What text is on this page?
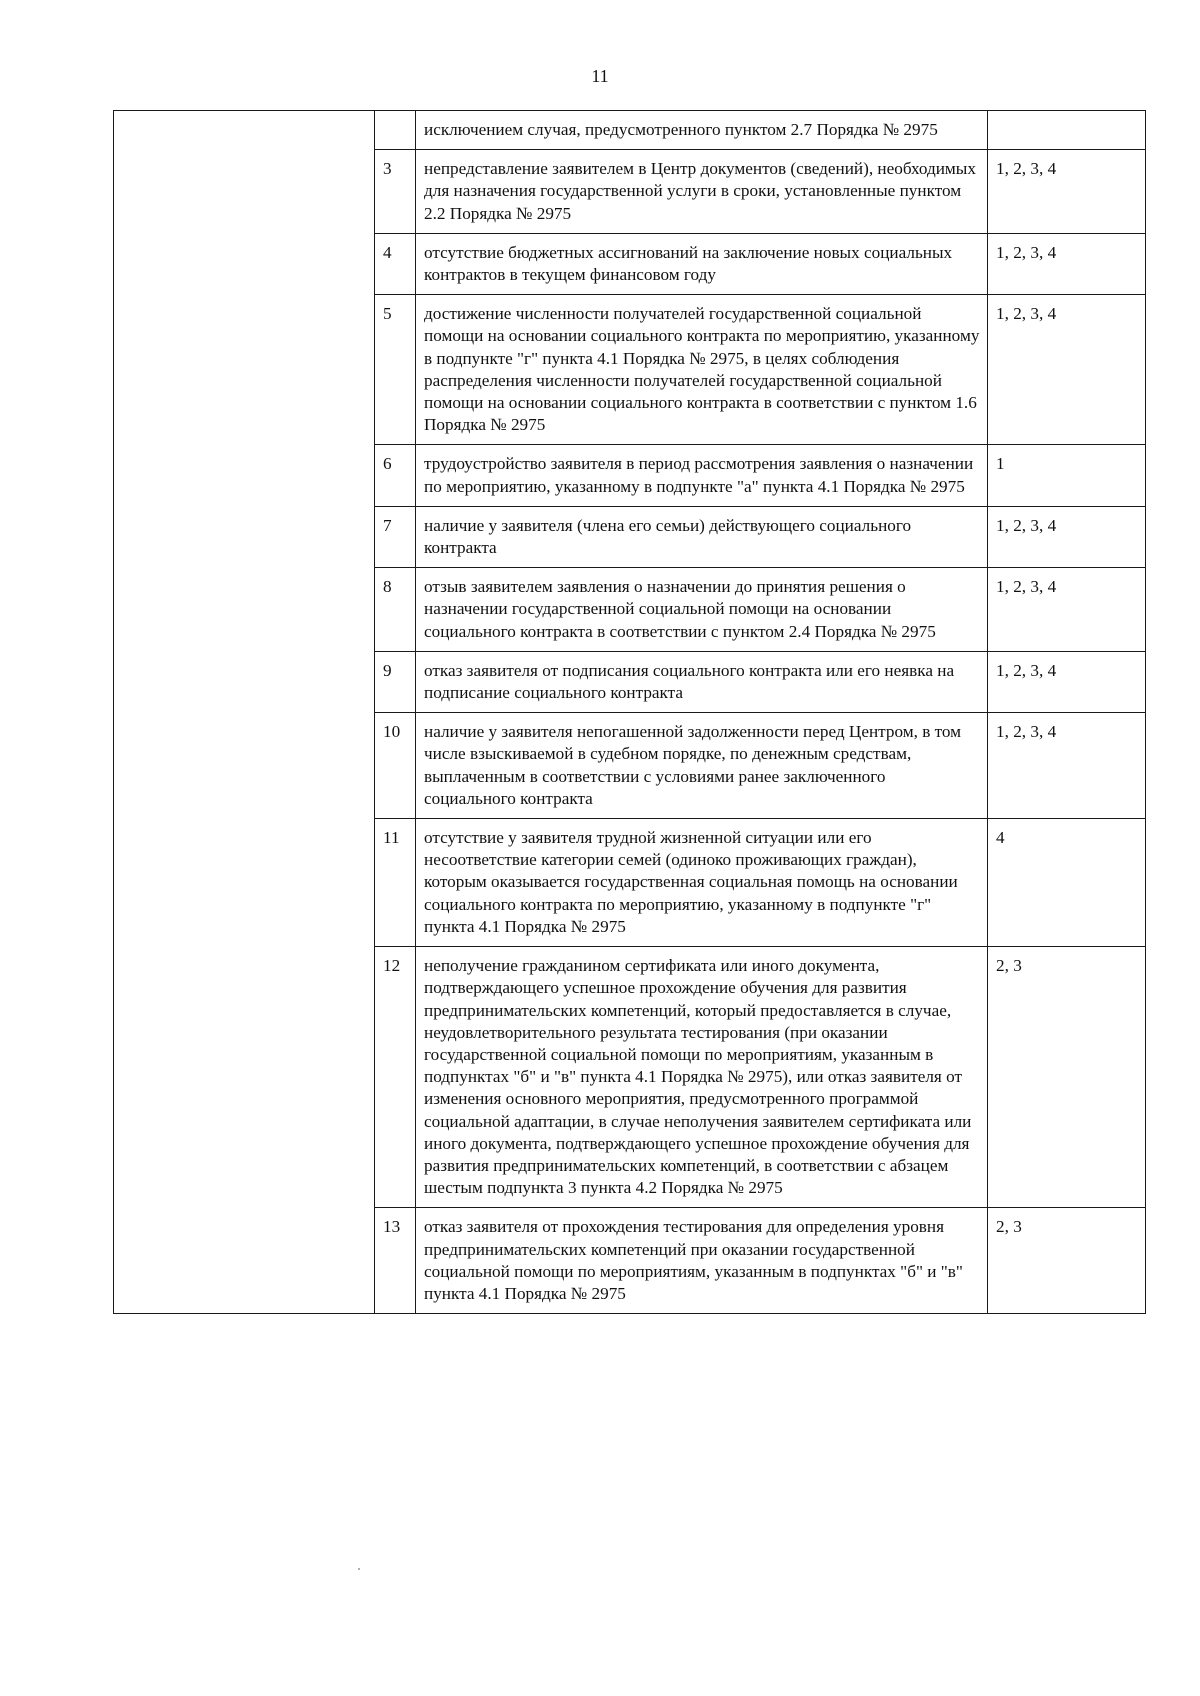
11
		исключением случая, предусмотренного пунктом 2.7 Порядка № 2975	
	3	непредставление заявителем в Центр документов (сведений), необходимых для назначения государственной услуги в сроки, установленные пунктом 2.2 Порядка № 2975	1, 2, 3, 4
	4	отсутствие бюджетных ассигнований на заключение новых социальных контрактов в текущем финансовом году	1, 2, 3, 4
	5	достижение численности получателей государственной социальной помощи на основании социального контракта по мероприятию, указанному в подпункте "г" пункта 4.1 Порядка № 2975, в целях соблюдения распределения численности получателей государственной социальной помощи на основании социального контракта в соответствии с пунктом 1.6 Порядка № 2975	1, 2, 3, 4
	6	трудоустройство заявителя в период рассмотрения заявления о назначении по мероприятию, указанному в подпункте "а" пункта 4.1 Порядка № 2975	1
	7	наличие у заявителя (члена его семьи) действующего социального контракта	1, 2, 3, 4
	8	отзыв заявителем заявления о назначении до принятия решения о назначении государственной социальной помощи на основании социального контракта в соответствии с пунктом 2.4 Порядка № 2975	1, 2, 3, 4
	9	отказ заявителя от подписания социального контракта или его неявка на подписание социального контракта	1, 2, 3, 4
	10	наличие у заявителя непогашенной задолженности перед Центром, в том числе взыскиваемой в судебном порядке, по денежным средствам, выплаченным в соответствии с условиями ранее заключенного социального контракта	1, 2, 3, 4
	11	отсутствие у заявителя трудной жизненной ситуации или его несоответствие категории семей (одиноко проживающих граждан), которым оказывается государственная социальная помощь на основании социального контракта по мероприятию, указанному в подпункте "г" пункта 4.1 Порядка № 2975	4
	12	неполучение гражданином сертификата или иного документа, подтверждающего успешное прохождение обучения для развития предпринимательских компетенций, который предоставляется в случае, неудовлетворительного результата тестирования (при оказании государственной социальной помощи по мероприятиям, указанным в подпунктах "б" и "в" пункта 4.1 Порядка № 2975), или отказ заявителя от изменения основного мероприятия, предусмотренного программой социальной адаптации, в случае неполучения заявителем сертификата или иного документа, подтверждающего успешное прохождение обучения для развития предпринимательских компетенций, в соответствии с абзацем шестым подпункта 3 пункта 4.2 Порядка № 2975	2, 3
	13	отказ заявителя от прохождения тестирования для определения уровня предпринимательских компетенций при оказании государственной социальной помощи по мероприятиям, указанным в подпунктах "б" и "в" пункта 4.1 Порядка № 2975	2, 3
